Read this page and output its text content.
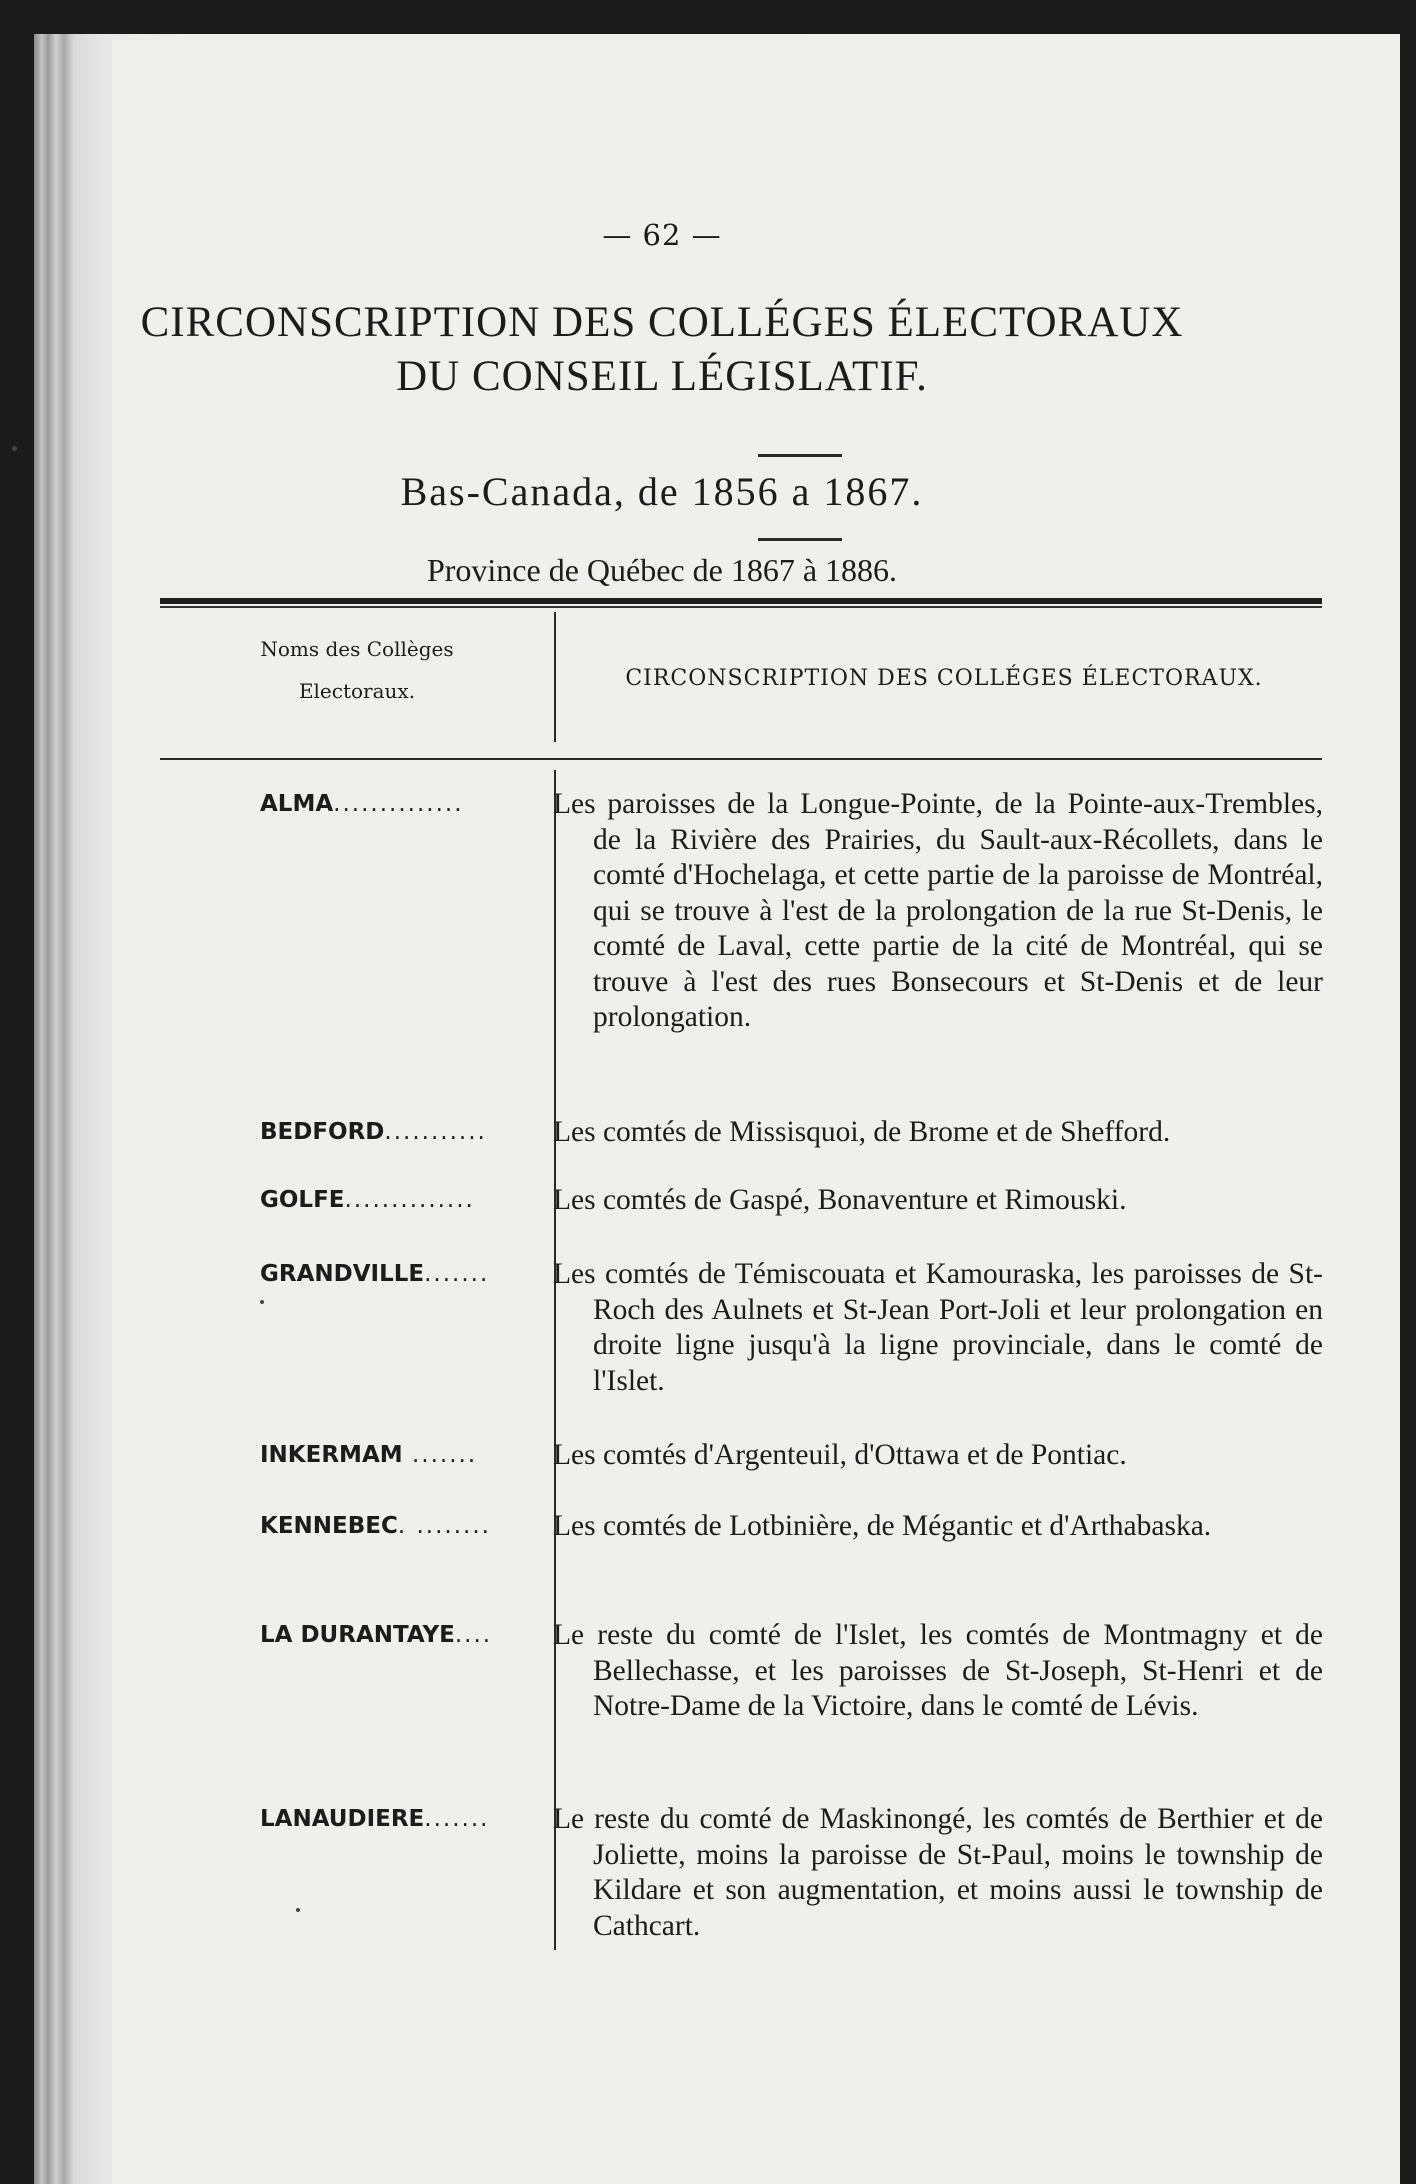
— 62 —
CIRCONSCRIPTION DES COLLÉGES ÉLECTORAUX
DU CONSEIL LÉGISLATIF.
Bas-Canada, de 1856 a 1867.
Province de Québec de 1867 à 1886.
Noms des Collèges
Electoraux.	CIRCONSCRIPTION DES COLLÉGES ÉLECTORAUX.
ALMA..............	Les paroisses de la Longue-Pointe, de la Pointe-aux-Trembles, de la Rivière des Prairies, du Sault-aux-Récollets, dans le comté d'Hochelaga, et cette partie de la paroisse de Montréal, qui se trouve à l'est de la prolongation de la rue St-Denis, le comté de Laval, cette partie de la cité de Montréal, qui se trouve à l'est des rues Bonsecours et St-Denis et de leur prolongation.

BEDFORD...........	Les comtés de Missisquoi, de Brome et de Shefford.

GOLFE..............	Les comtés de Gaspé, Bonaventure et Rimouski.

GRANDVILLE.......	Les comtés de Témiscouata et Kamouraska, les paroisses de St-Roch des Aulnets et St-Jean Port-Joli et leur prolongation en droite ligne jusqu'à la ligne provinciale, dans le comté de l'Islet.

INKERMAM .......	Les comtés d'Argenteuil, d'Ottawa et de Pontiac.

KENNEBEC. ........	Les comtés de Lotbinière, de Mégantic et d'Arthabaska.

LA DURANTAYE....	Le reste du comté de l'Islet, les comtés de Montmagny et de Bellechasse, et les paroisses de St-Joseph, St-Henri et de Notre-Dame de la Victoire, dans le comté de Lévis.

LANAUDIERE.......	Le reste du comté de Maskinongé, les comtés de Berthier et de Joliette, moins la paroisse de St-Paul, moins le township de Kildare et son augmentation, et moins aussi le township de Cathcart.
